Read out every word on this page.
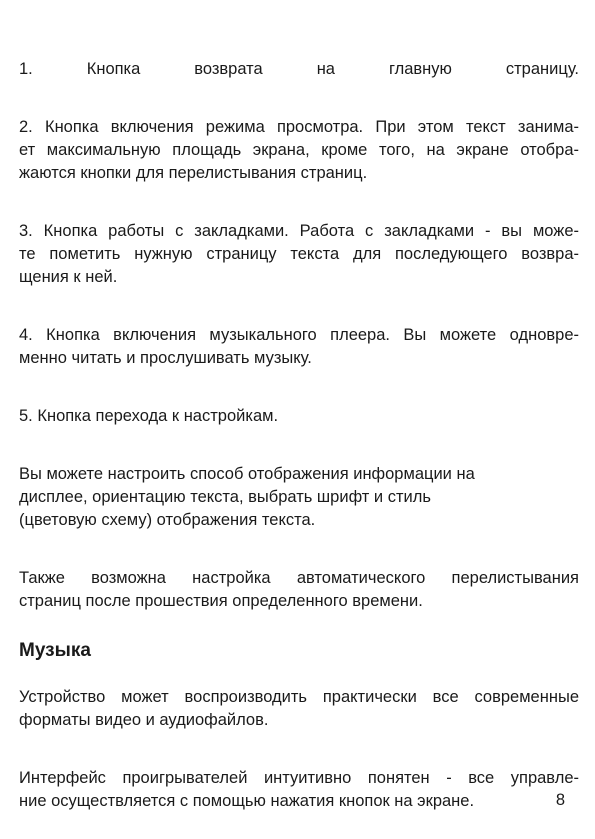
1. Кнопка возврата на главную страницу.

2. Кнопка включения режима просмотра. При этом текст занима-
ет максимальную площадь экрана, кроме того, на экране отобра-
жаются кнопки для перелистывания страниц.

3. Кнопка работы с закладками. Работа с закладками - вы може-
те пометить нужную страницу текста для последующего возвра-
щения к ней.

4. Кнопка включения музыкального плеера. Вы можете одновре-
менно читать и прослушивать музыку.

5. Кнопка перехода к настройкам.

Вы можете настроить способ отображения информации на
дисплее, ориентацию текста, выбрать шрифт и стиль
(цветовую схему) отображения текста.

Также возможна настройка автоматического перелистывания
страниц после прошествия определенного времени.

Музыка

Устройство может воспроизводить практически все современные
форматы видео и аудиофайлов.

Интерфейс проигрывателей интуитивно понятен - все управле-
ние осуществляется с помощью нажатия кнопок на экране.	8
